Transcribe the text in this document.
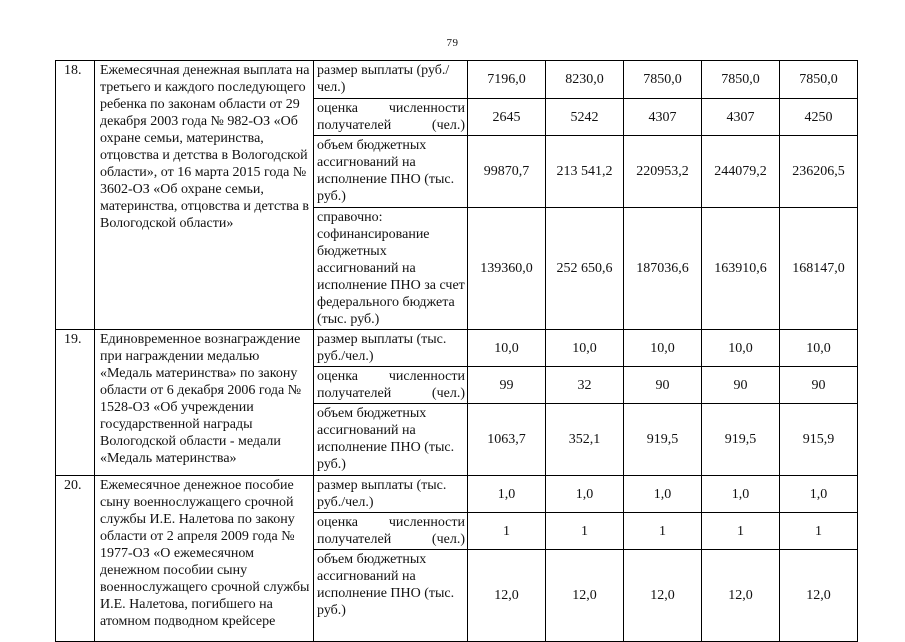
79
18.	Ежемесячная денежная выплата на третьего и каждого последующего ребенка по законам области от 29 декабря 2003 года № 982-ОЗ «Об охране семьи, материнства, отцовства и детства в Вологодской области», от 16 марта 2015 года № 3602-ОЗ «Об охране семьи, материнства, отцовства и детства в Вологодской области»	размер выплаты (руб./чел.)	7196,0	8230,0	7850,0	7850,0	7850,0

		оценка численности получателей (чел.)	2645	5242	4307	4307	4250
		объем бюджетных ассигнований на исполнение ПНО (тыс. руб.)	99870,7	213 541,2	220953,2	244079,2	236206,5
		справочно: софинансирование бюджетных ассигнований на исполнение ПНО за счет федерального бюджета (тыс. руб.)	139360,0	252 650,6	187036,6	163910,6	168147,0
19.	Единовременное вознаграждение при награждении медалью «Медаль материнства» по закону области от 6 декабря 2006 года № 1528-ОЗ «Об учреждении государственной награды Вологодской области - медали «Медаль материнства»	размер выплаты (тыс. руб./чел.)	10,0	10,0	10,0	10,0	10,0

		оценка численности получателей (чел.)	99	32	90	90	90
		объем бюджетных ассигнований на исполнение ПНО (тыс. руб.)	1063,7	352,1	919,5	919,5	915,9
20.	Ежемесячное денежное пособие сыну военнослужащего срочной службы И.Е. Налетова по закону области от 2 апреля 2009 года № 1977-ОЗ «О ежемесячном денежном пособии сыну военнослужащего срочной службы И.Е. Налетова, погибшего на атомном подводном крейсере	размер выплаты (тыс. руб./чел.)	1,0	1,0	1,0	1,0	1,0

		оценка численности получателей (чел.)	1	1	1	1	1
		объем бюджетных ассигнований на исполнение ПНО (тыс. руб.)	12,0	12,0	12,0	12,0	12,0
